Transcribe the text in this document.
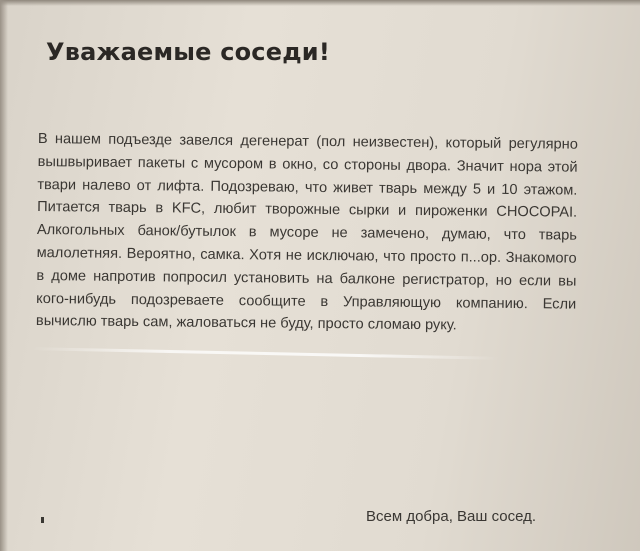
Уважаемые соседи!

В нашем подъезде завелся дегенерат (пол неизвестен), который регулярно вышвыривает пакеты с мусором в окно, со стороны двора. Значит нора этой твари налево от лифта. Подозреваю, что живет тварь между 5 и 10 этажом. Питается тварь в KFC, любит творожные сырки и пироженки CHOCOPAI. Алкогольных банок/бутылок в мусоре не замечено, думаю, что тварь малолетняя. Вероятно, самка. Хотя не исключаю, что просто п...ор. Знакомого в доме напротив попросил установить на балконе регистратор, но если вы кого-нибудь подозреваете сообщите в Управляющую компанию. Если вычислю тварь сам, жаловаться не буду, просто сломаю руку.

Всем добра, Ваш сосед.
